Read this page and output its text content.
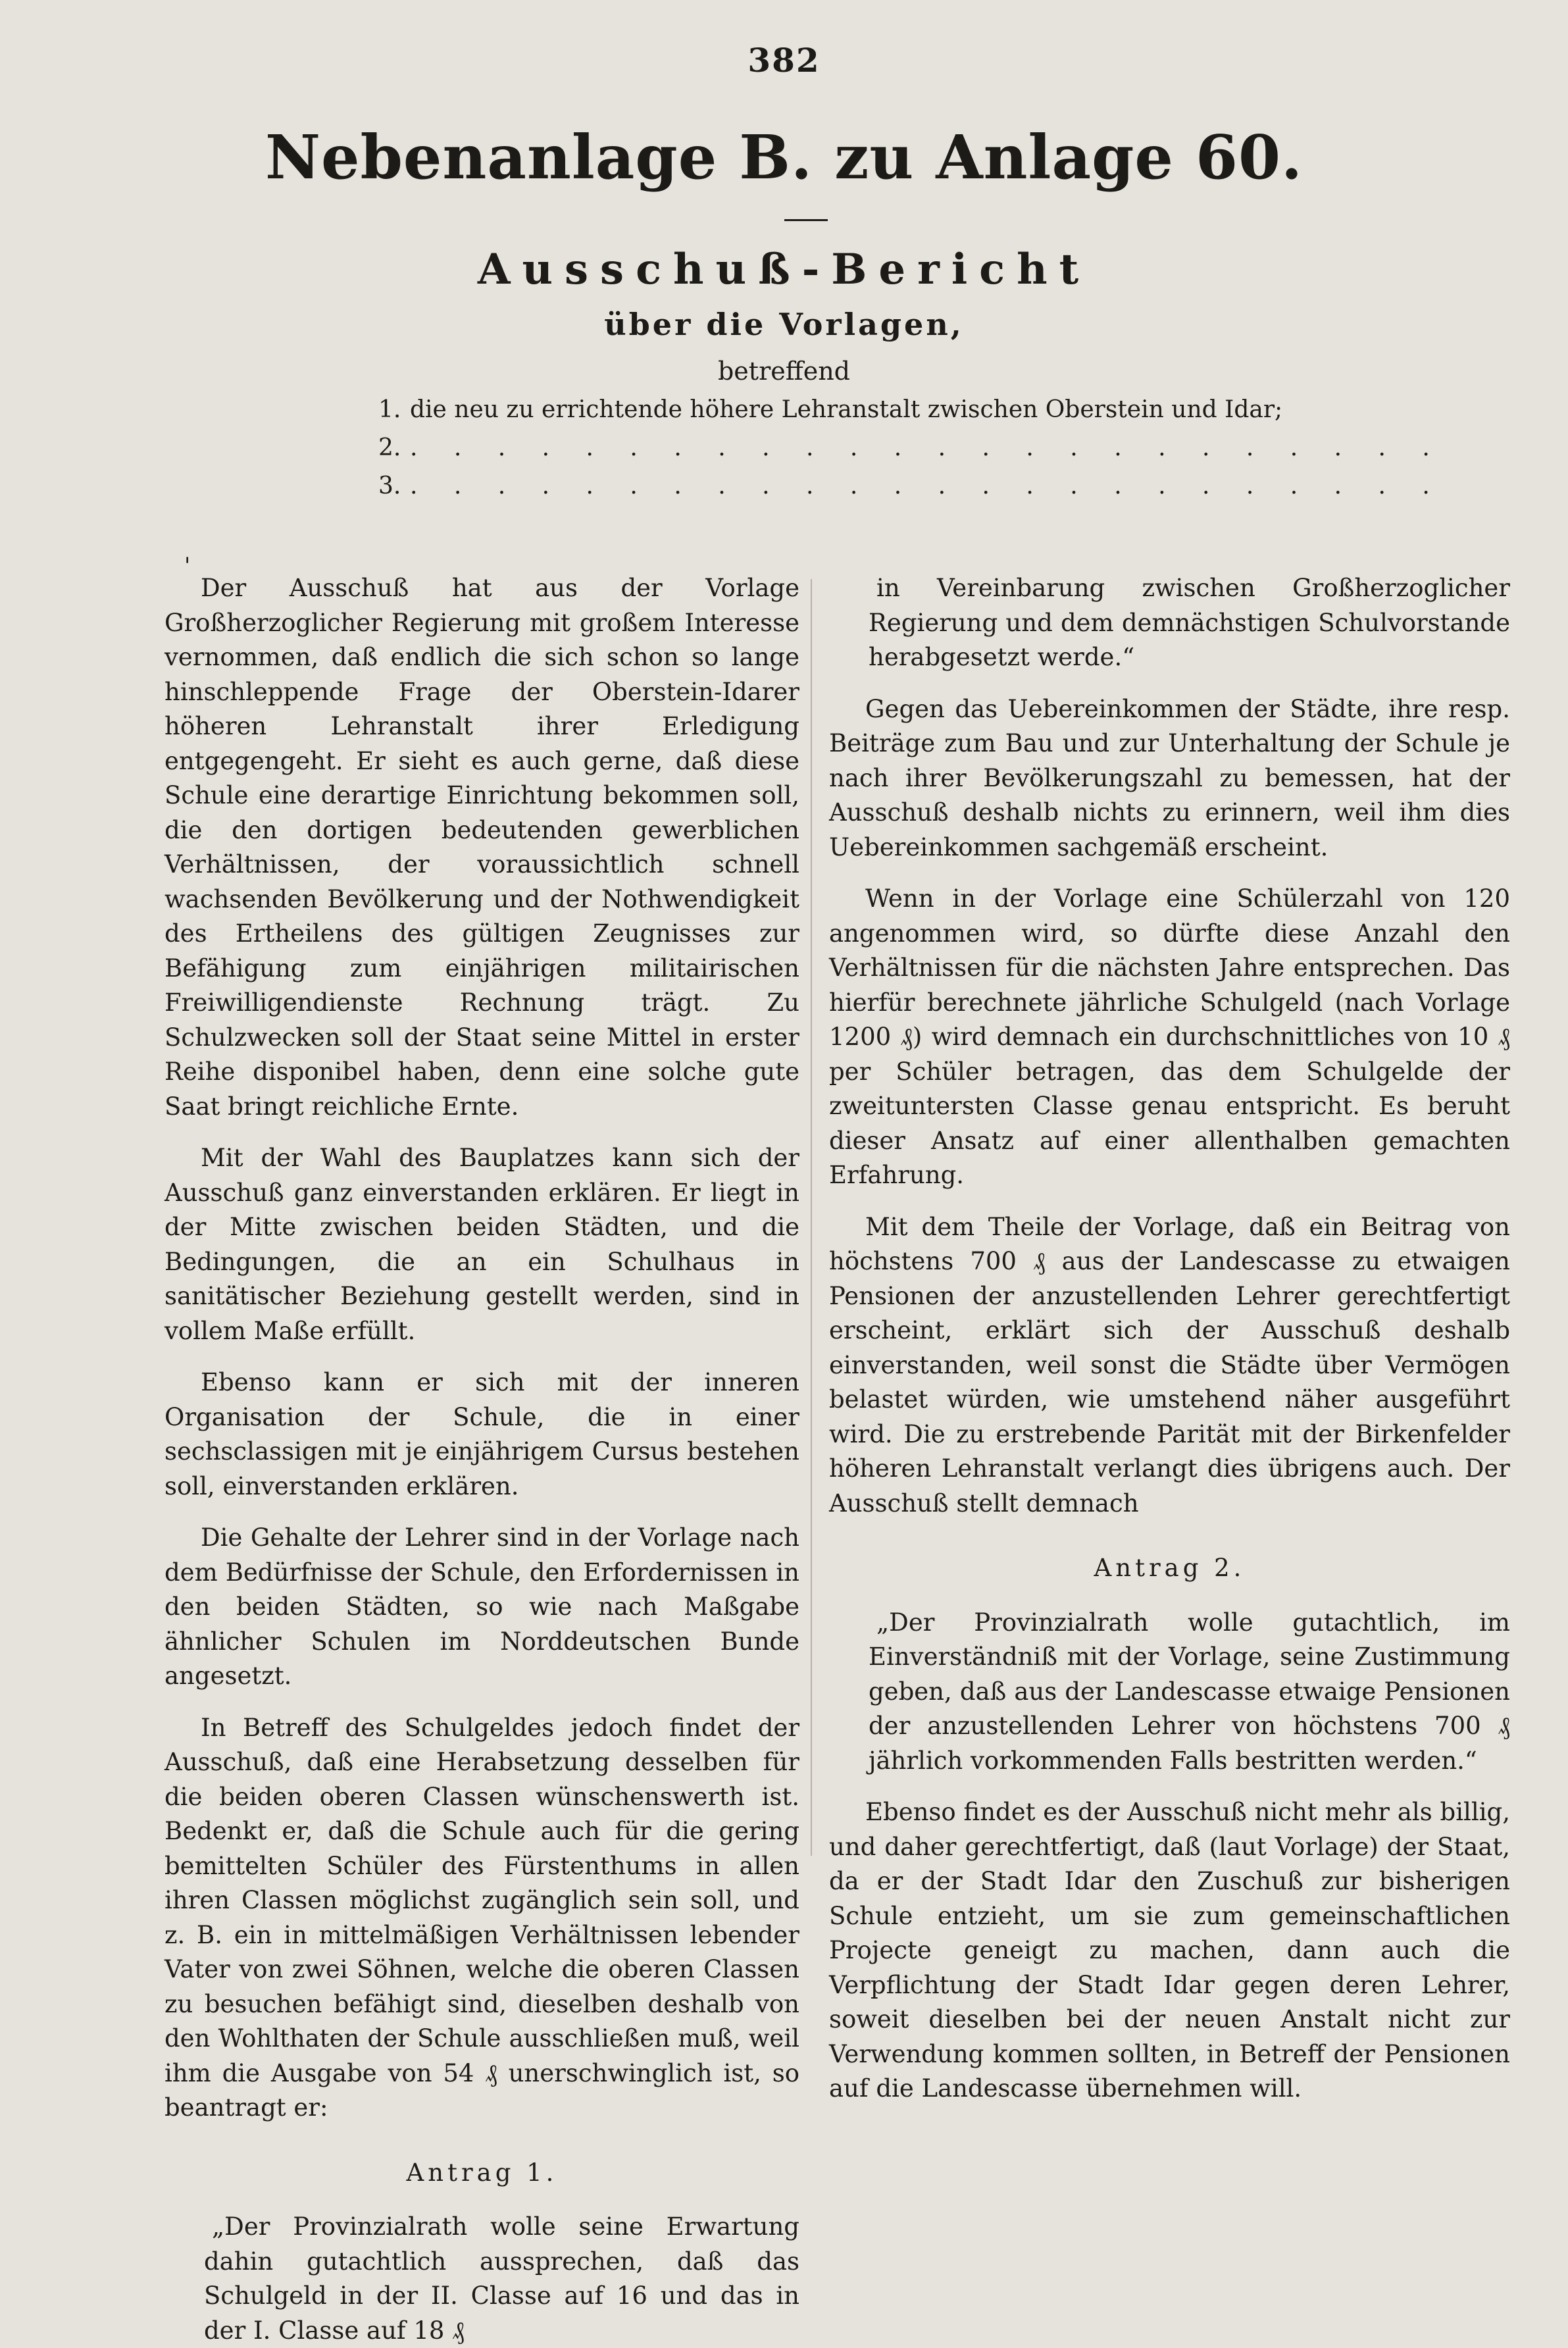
382
Nebenanlage B. zu Anlage 60.
Ausschuß-Bericht
über die Vorlagen,
betreffend
1. die neu zu errichtende höhere Lehranstalt zwischen Oberstein und Idar;
2. . . . . . . . . . . . . . . . . . . . . . . . .
3. . . . . . . . . . . . . . . . . . . . . . . . .
'

Der Ausschuß hat aus der Vorlage Großherzoglicher Regierung mit großem Interesse vernommen, daß endlich die sich schon so lange hinschleppende Frage der Oberstein-Idarer höheren Lehranstalt ihrer Erledigung entgegengeht. Er sieht es auch gerne, daß diese Schule eine derartige Einrichtung bekommen soll, die den dortigen bedeutenden gewerblichen Verhältnissen, der voraussichtlich schnell wachsenden Bevölkerung und der Nothwendigkeit des Ertheilens des gültigen Zeugnisses zur Befähigung zum einjährigen militairischen Freiwilligendienste Rechnung trägt. Zu Schulzwecken soll der Staat seine Mittel in erster Reihe disponibel haben, denn eine solche gute Saat bringt reichliche Ernte.

Mit der Wahl des Bauplatzes kann sich der Ausschuß ganz einverstanden erklären. Er liegt in der Mitte zwischen beiden Städten, und die Bedingungen, die an ein Schulhaus in sanitätischer Beziehung gestellt werden, sind in vollem Maße erfüllt.

Ebenso kann er sich mit der inneren Organisation der Schule, die in einer sechsclassigen mit je einjährigem Cursus bestehen soll, einverstanden erklären.

Die Gehalte der Lehrer sind in der Vorlage nach dem Bedürfnisse der Schule, den Erfordernissen in den beiden Städten, so wie nach Maßgabe ähnlicher Schulen im Norddeutschen Bunde angesetzt.

In Betreff des Schulgeldes jedoch findet der Ausschuß, daß eine Herabsetzung desselben für die beiden oberen Classen wünschenswerth ist. Bedenkt er, daß die Schule auch für die gering bemittelten Schüler des Fürstenthums in allen ihren Classen möglichst zugänglich sein soll, und z. B. ein in mittelmäßigen Verhältnissen lebender Vater von zwei Söhnen, welche die oberen Classen zu besuchen befähigt sind, dieselben deshalb von den Wohlthaten der Schule ausschließen muß, weil ihm die Ausgabe von 54 ₰ unerschwinglich ist, so beantragt er:

Antrag 1.

„Der Provinzialrath wolle seine Erwartung dahin gutachtlich aussprechen, daß das Schulgeld in der II. Classe auf 16 und das in der I. Classe auf 18 ₰

in Vereinbarung zwischen Großherzoglicher Regierung und dem demnächstigen Schulvorstande herabgesetzt werde.“

Gegen das Uebereinkommen der Städte, ihre resp. Beiträge zum Bau und zur Unterhaltung der Schule je nach ihrer Bevölkerungszahl zu bemessen, hat der Ausschuß deshalb nichts zu erinnern, weil ihm dies Uebereinkommen sachgemäß erscheint.

Wenn in der Vorlage eine Schülerzahl von 120 angenommen wird, so dürfte diese Anzahl den Verhältnissen für die nächsten Jahre entsprechen. Das hierfür berechnete jährliche Schulgeld (nach Vorlage 1200 ₰) wird demnach ein durchschnittliches von 10 ₰ per Schüler betragen, das dem Schulgelde der zweituntersten Classe genau entspricht. Es beruht dieser Ansatz auf einer allenthalben gemachten Erfahrung.

Mit dem Theile der Vorlage, daß ein Beitrag von höchstens 700 ₰ aus der Landescasse zu etwaigen Pensionen der anzustellenden Lehrer gerechtfertigt erscheint, erklärt sich der Ausschuß deshalb einverstanden, weil sonst die Städte über Vermögen belastet würden, wie umstehend näher ausgeführt wird. Die zu erstrebende Parität mit der Birkenfelder höheren Lehranstalt verlangt dies übrigens auch. Der Ausschuß stellt demnach

Antrag 2.

„Der Provinzialrath wolle gutachtlich, im Einverständniß mit der Vorlage, seine Zustimmung geben, daß aus der Landescasse etwaige Pensionen der anzustellenden Lehrer von höchstens 700 ₰ jährlich vorkommenden Falls bestritten werden.“

Ebenso findet es der Ausschuß nicht mehr als billig, und daher gerechtfertigt, daß (laut Vorlage) der Staat, da er der Stadt Idar den Zuschuß zur bisherigen Schule entzieht, um sie zum gemeinschaftlichen Projecte geneigt zu machen, dann auch die Verpflichtung der Stadt Idar gegen deren Lehrer, soweit dieselben bei der neuen Anstalt nicht zur Verwendung kommen sollten, in Betreff der Pensionen auf die Landescasse übernehmen will.
